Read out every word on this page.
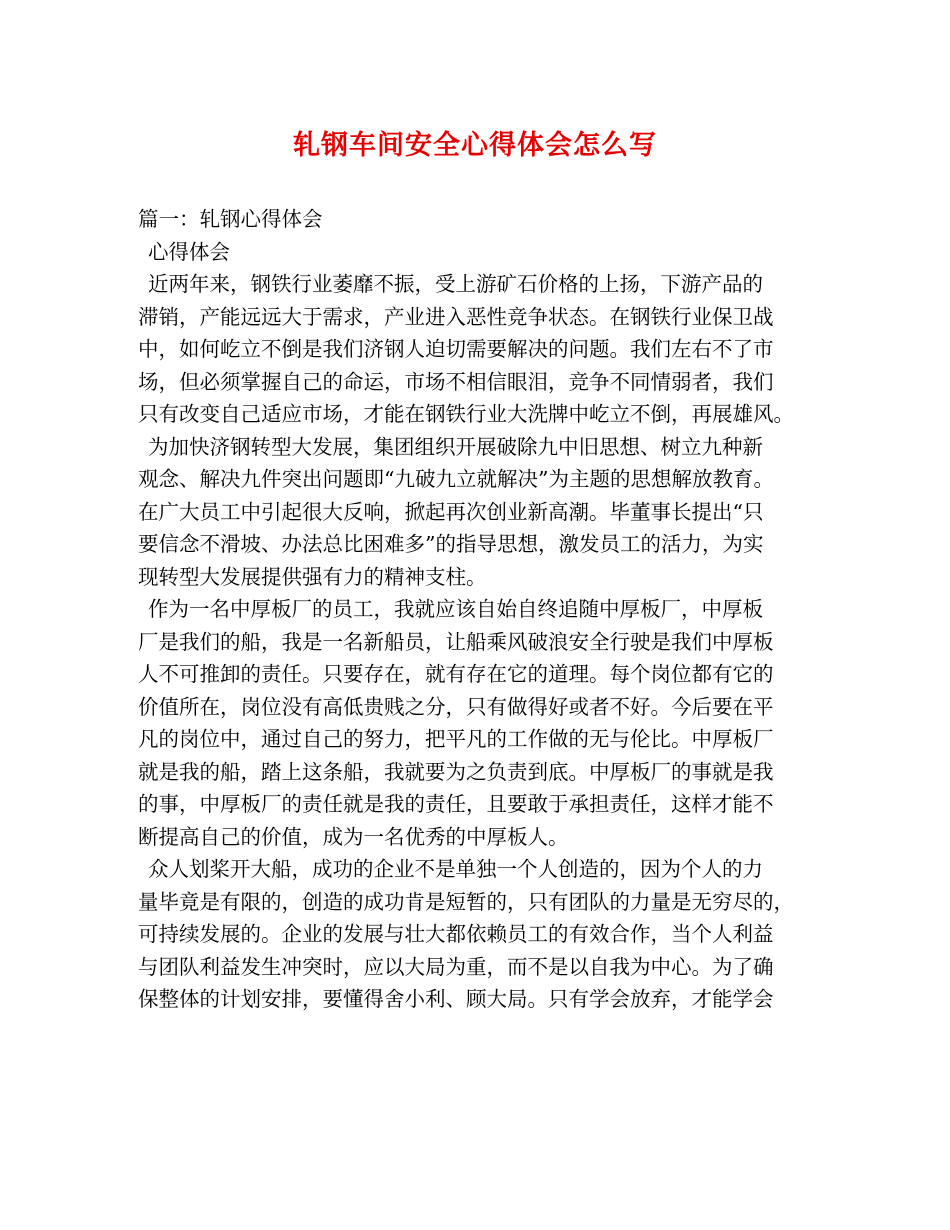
轧钢车间安全心得体会怎么写
篇一：轧钢心得体会
心得体会
近两年来，钢铁行业萎靡不振，受上游矿石价格的上扬，下游产品的
滞销，产能远远大于需求，产业进入恶性竞争状态。在钢铁行业保卫战
中，如何屹立不倒是我们济钢人迫切需要解决的问题。我们左右不了市
场，但必须掌握自己的命运，市场不相信眼泪，竞争不同情弱者，我们
只有改变自己适应市场，才能在钢铁行业大洗牌中屹立不倒，再展雄风。
为加快济钢转型大发展，集团组织开展破除九中旧思想、树立九种新
观念、解决九件突出问题即“九破九立就解决”为主题的思想解放教育。
在广大员工中引起很大反响，掀起再次创业新高潮。毕董事长提出“只
要信念不滑坡、办法总比困难多”的指导思想，激发员工的活力，为实
现转型大发展提供强有力的精神支柱。
作为一名中厚板厂的员工，我就应该自始自终追随中厚板厂，中厚板
厂是我们的船，我是一名新船员，让船乘风破浪安全行驶是我们中厚板
人不可推卸的责任。只要存在，就有存在它的道理。每个岗位都有它的
价值所在，岗位没有高低贵贱之分，只有做得好或者不好。今后要在平
凡的岗位中，通过自己的努力，把平凡的工作做的无与伦比。中厚板厂
就是我的船，踏上这条船，我就要为之负责到底。中厚板厂的事就是我
的事，中厚板厂的责任就是我的责任，且要敢于承担责任，这样才能不
断提高自己的价值，成为一名优秀的中厚板人。
众人划桨开大船，成功的企业不是单独一个人创造的，因为个人的力
量毕竟是有限的，创造的成功肯是短暂的，只有团队的力量是无穷尽的，
可持续发展的。企业的发展与壮大都依赖员工的有效合作，当个人利益
与团队利益发生冲突时，应以大局为重，而不是以自我为中心。为了确
保整体的计划安排，要懂得舍小利、顾大局。只有学会放弃，才能学会
